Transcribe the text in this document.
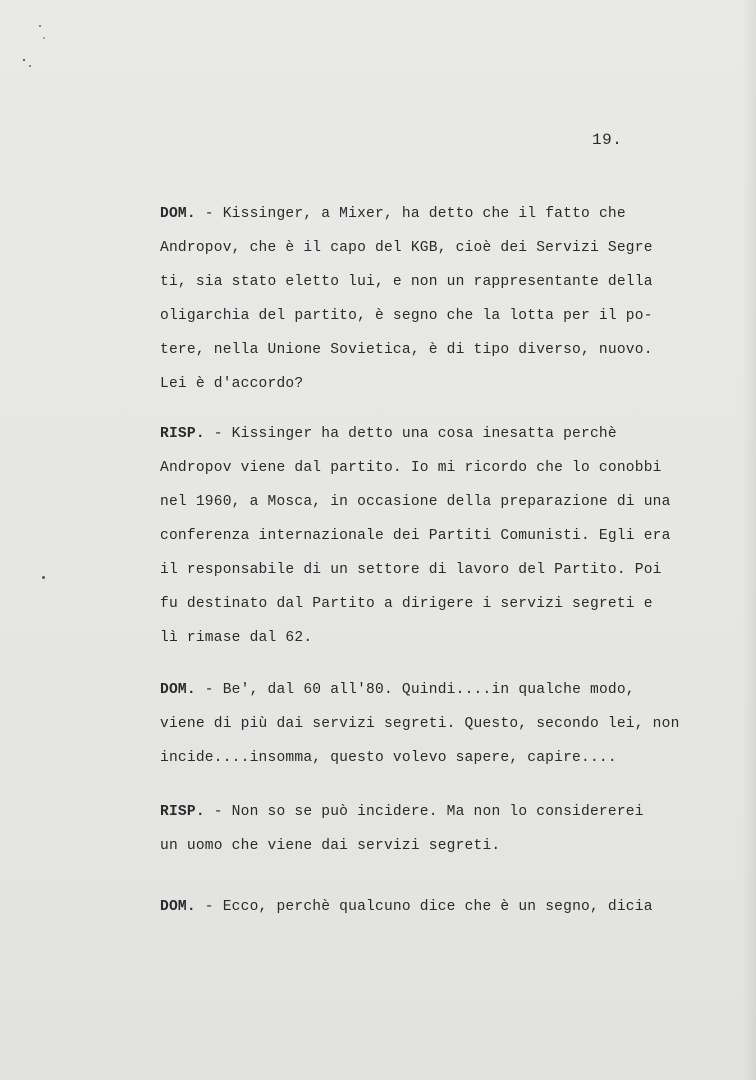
19.
DOM. - Kissinger, a Mixer, ha detto che il fatto che
Andropov, che è il capo del KGB, cioè dei Servizi Segre
ti, sia stato eletto lui, e non un rappresentante della
oligarchia del partito, è segno che la lotta per il po-
tere, nella Unione Sovietica, è di tipo diverso, nuovo.
Lei è d'accordo?
RISP. - Kissinger ha detto una cosa inesatta perchè
Andropov viene dal partito. Io mi ricordo che lo conobbi
nel 1960, a Mosca, in occasione della preparazione di una
conferenza internazionale dei Partiti Comunisti. Egli era
il responsabile di un settore di lavoro del Partito. Poi
fu destinato dal Partito a dirigere i servizi segreti e
lì rimase dal 62.
DOM. - Be', dal 60 all'80. Quindi....in qualche modo,
viene di più dai servizi segreti. Questo, secondo lei, non
incide....insomma, questo volevo sapere, capire....
RISP. - Non so se può incidere. Ma non lo considererei
un uomo che viene dai servizi segreti.
DOM. - Ecco, perchè qualcuno dice che è un segno, dicia
